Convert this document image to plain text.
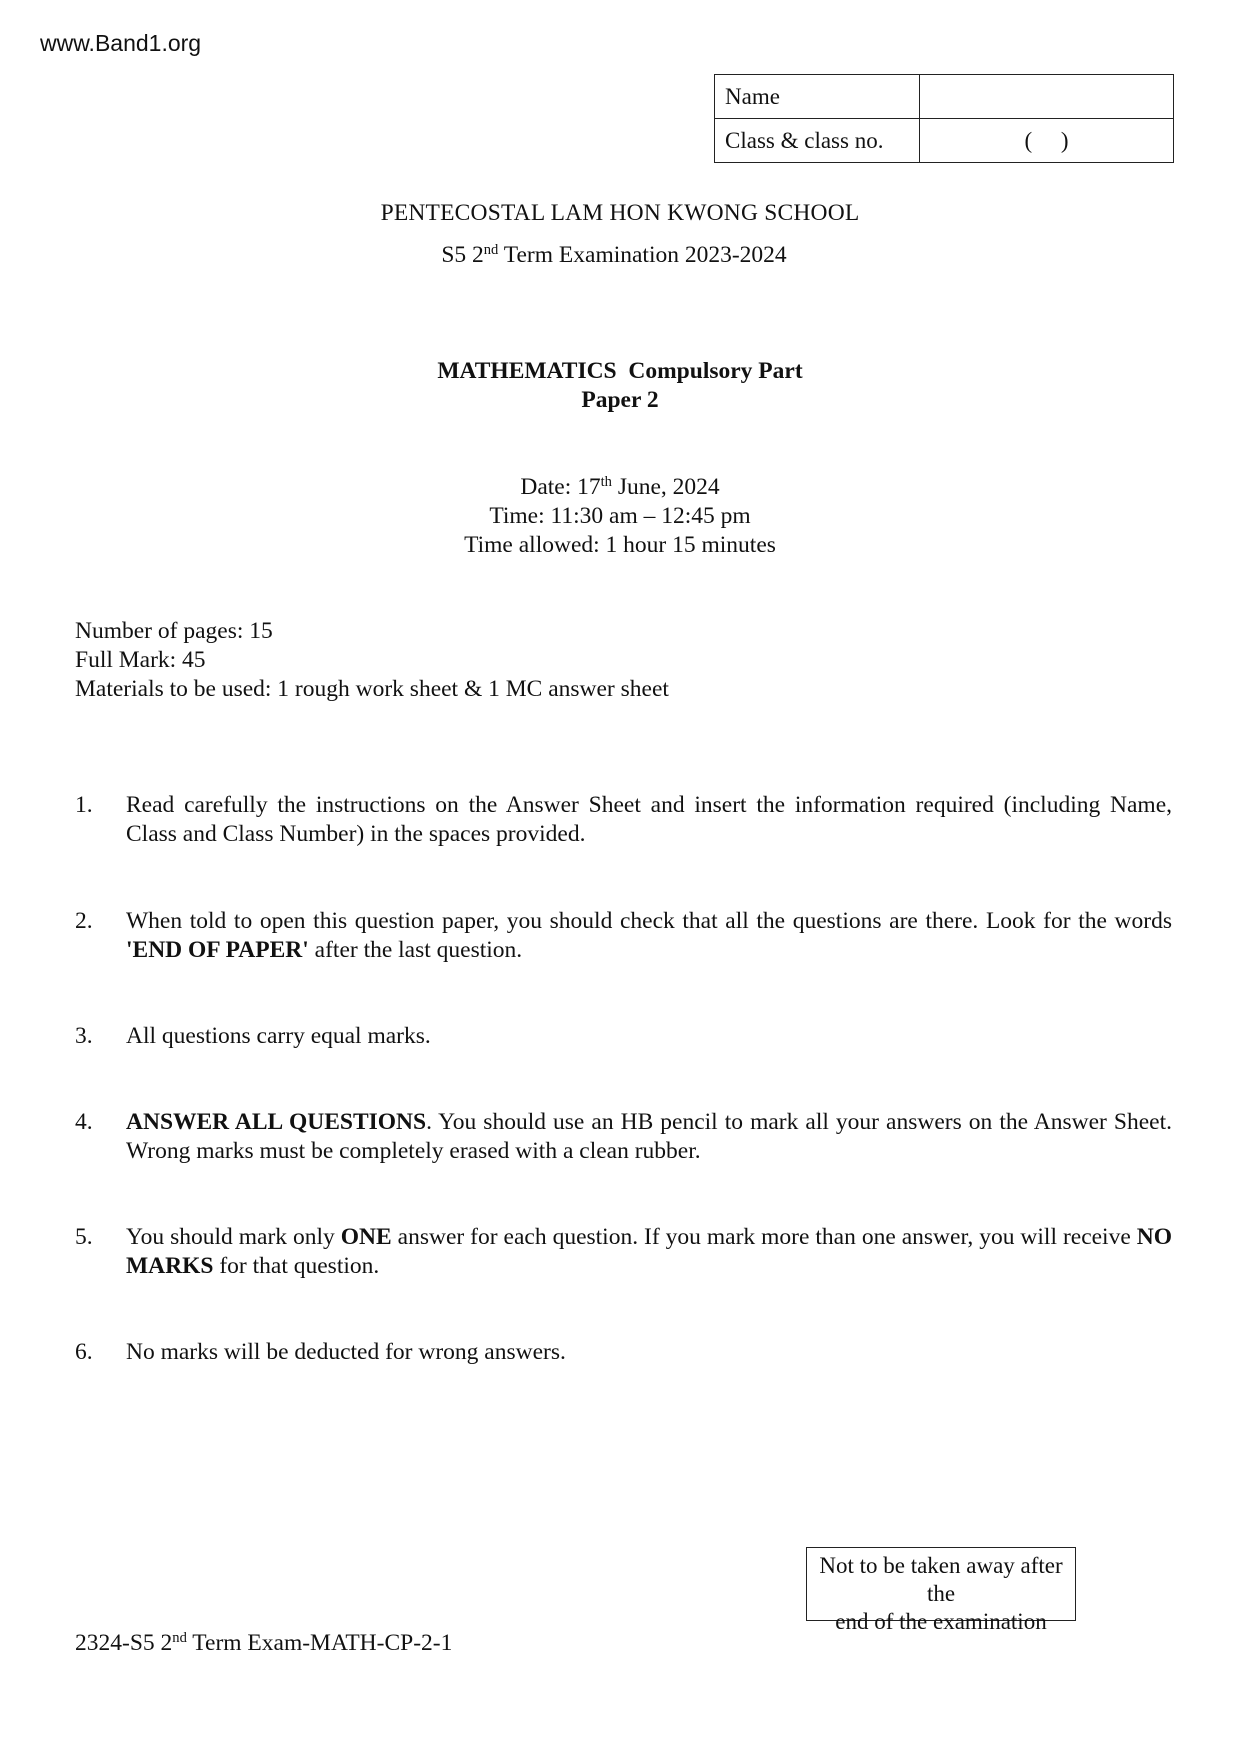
www.Band1.org
Name	
Class & class no.	(     )
PENTECOSTAL LAM HON KWONG SCHOOL
S5 2nd Term Examination 2023-2024
MATHEMATICS  Compulsory Part
Paper 2
Date: 17th June, 2024
Time: 11:30 am – 12:45 pm
Time allowed: 1 hour 15 minutes
Number of pages: 15
Full Mark: 45
Materials to be used: 1 rough work sheet & 1 MC answer sheet
1. Read carefully the instructions on the Answer Sheet and insert the information required (including Name, Class and Class Number) in the spaces provided.
2. When told to open this question paper, you should check that all the questions are there. Look for the words 'END OF PAPER' after the last question.
3. All questions carry equal marks.
4. ANSWER ALL QUESTIONS. You should use an HB pencil to mark all your answers on the Answer Sheet. Wrong marks must be completely erased with a clean rubber.
5. You should mark only ONE answer for each question. If you mark more than one answer, you will receive NO MARKS for that question.
6. No marks will be deducted for wrong answers.
Not to be taken away after the
end of the examination
2324-S5 2nd Term Exam-MATH-CP-2-1
